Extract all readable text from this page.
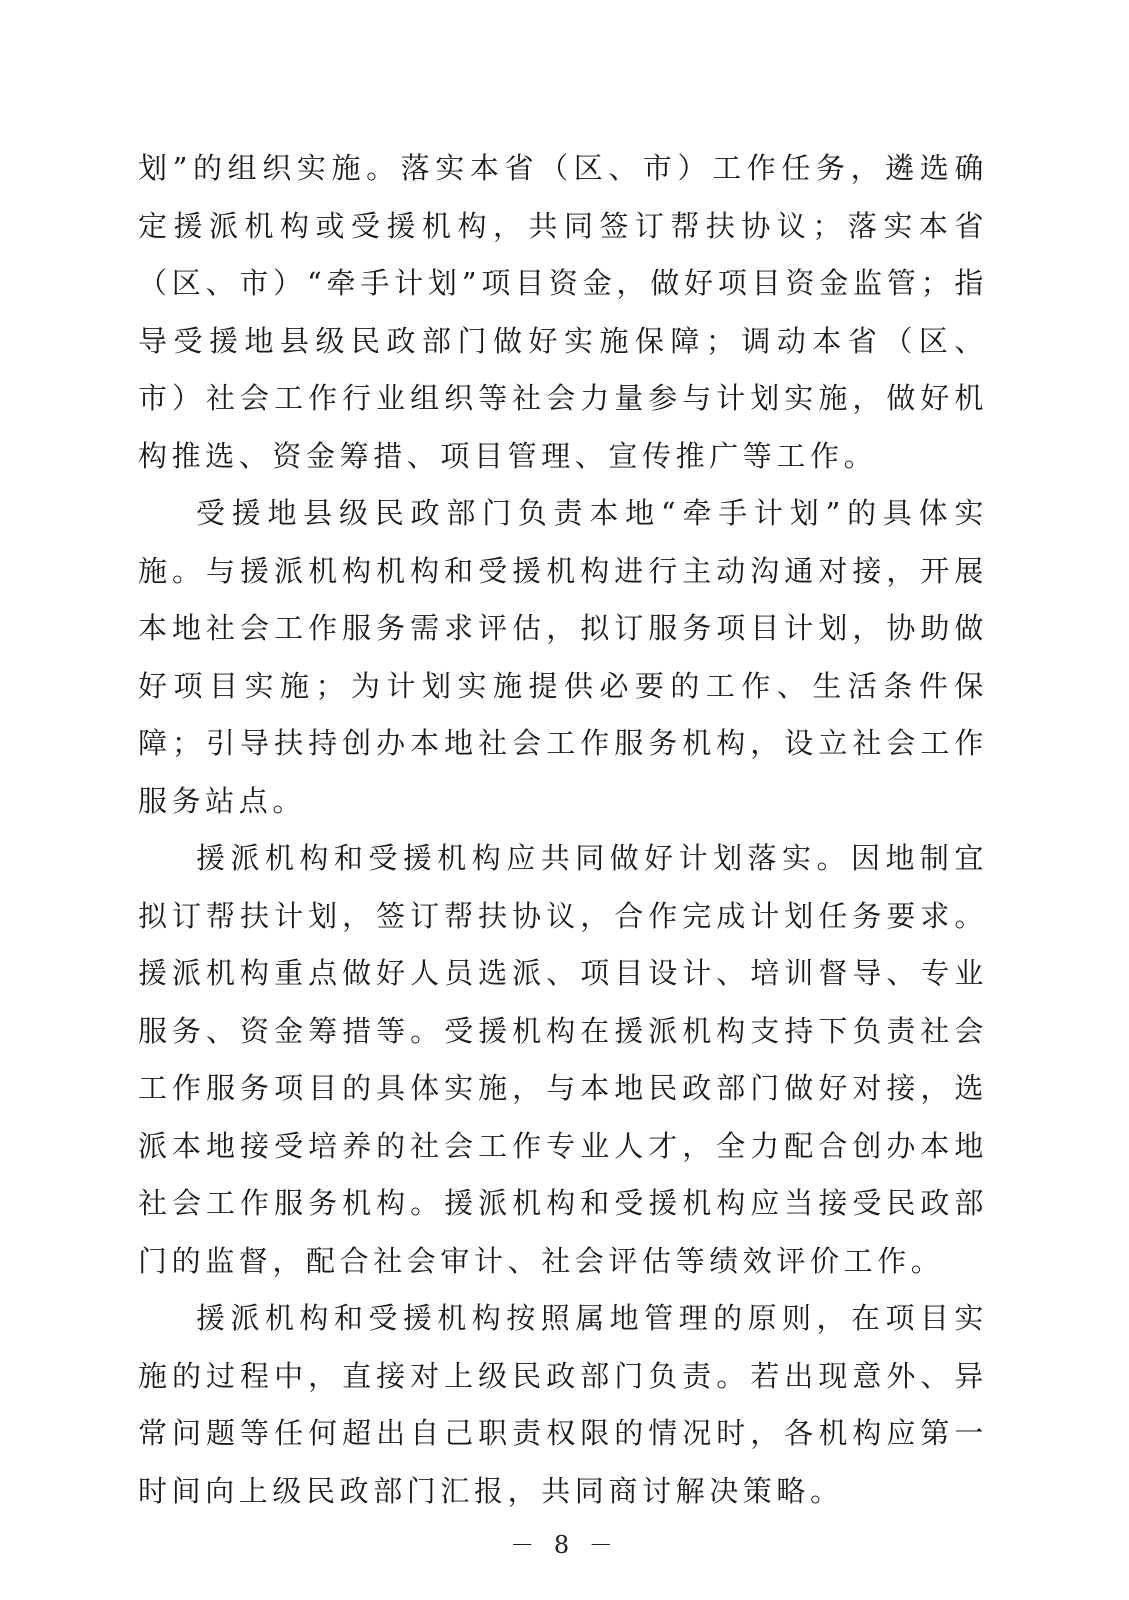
划”的组织实施。落实本省（区、市）工作任务，遴选确定援派机构或受援机构，共同签订帮扶协议；落实本省（区、市）“牵手计划”项目资金，做好项目资金监管；指导受援地县级民政部门做好实施保障；调动本省（区、市）社会工作行业组织等社会力量参与计划实施，做好机构推选、资金筹措、项目管理、宣传推广等工作。

受援地县级民政部门负责本地“牵手计划”的具体实施。与援派机构机构和受援机构进行主动沟通对接，开展本地社会工作服务需求评估，拟订服务项目计划，协助做好项目实施；为计划实施提供必要的工作、生活条件保障；引导扶持创办本地社会工作服务机构，设立社会工作服务站点。

援派机构和受援机构应共同做好计划落实。因地制宜拟订帮扶计划，签订帮扶协议，合作完成计划任务要求。援派机构重点做好人员选派、项目设计、培训督导、专业服务、资金筹措等。受援机构在援派机构支持下负责社会工作服务项目的具体实施，与本地民政部门做好对接，选派本地接受培养的社会工作专业人才，全力配合创办本地社会工作服务机构。援派机构和受援机构应当接受民政部门的监督，配合社会审计、社会评估等绩效评价工作。

援派机构和受援机构按照属地管理的原则，在项目实施的过程中，直接对上级民政部门负责。若出现意外、异常问题等任何超出自己职责权限的情况时，各机构应第一时间向上级民政部门汇报，共同商讨解决策略。

－ 8 －
